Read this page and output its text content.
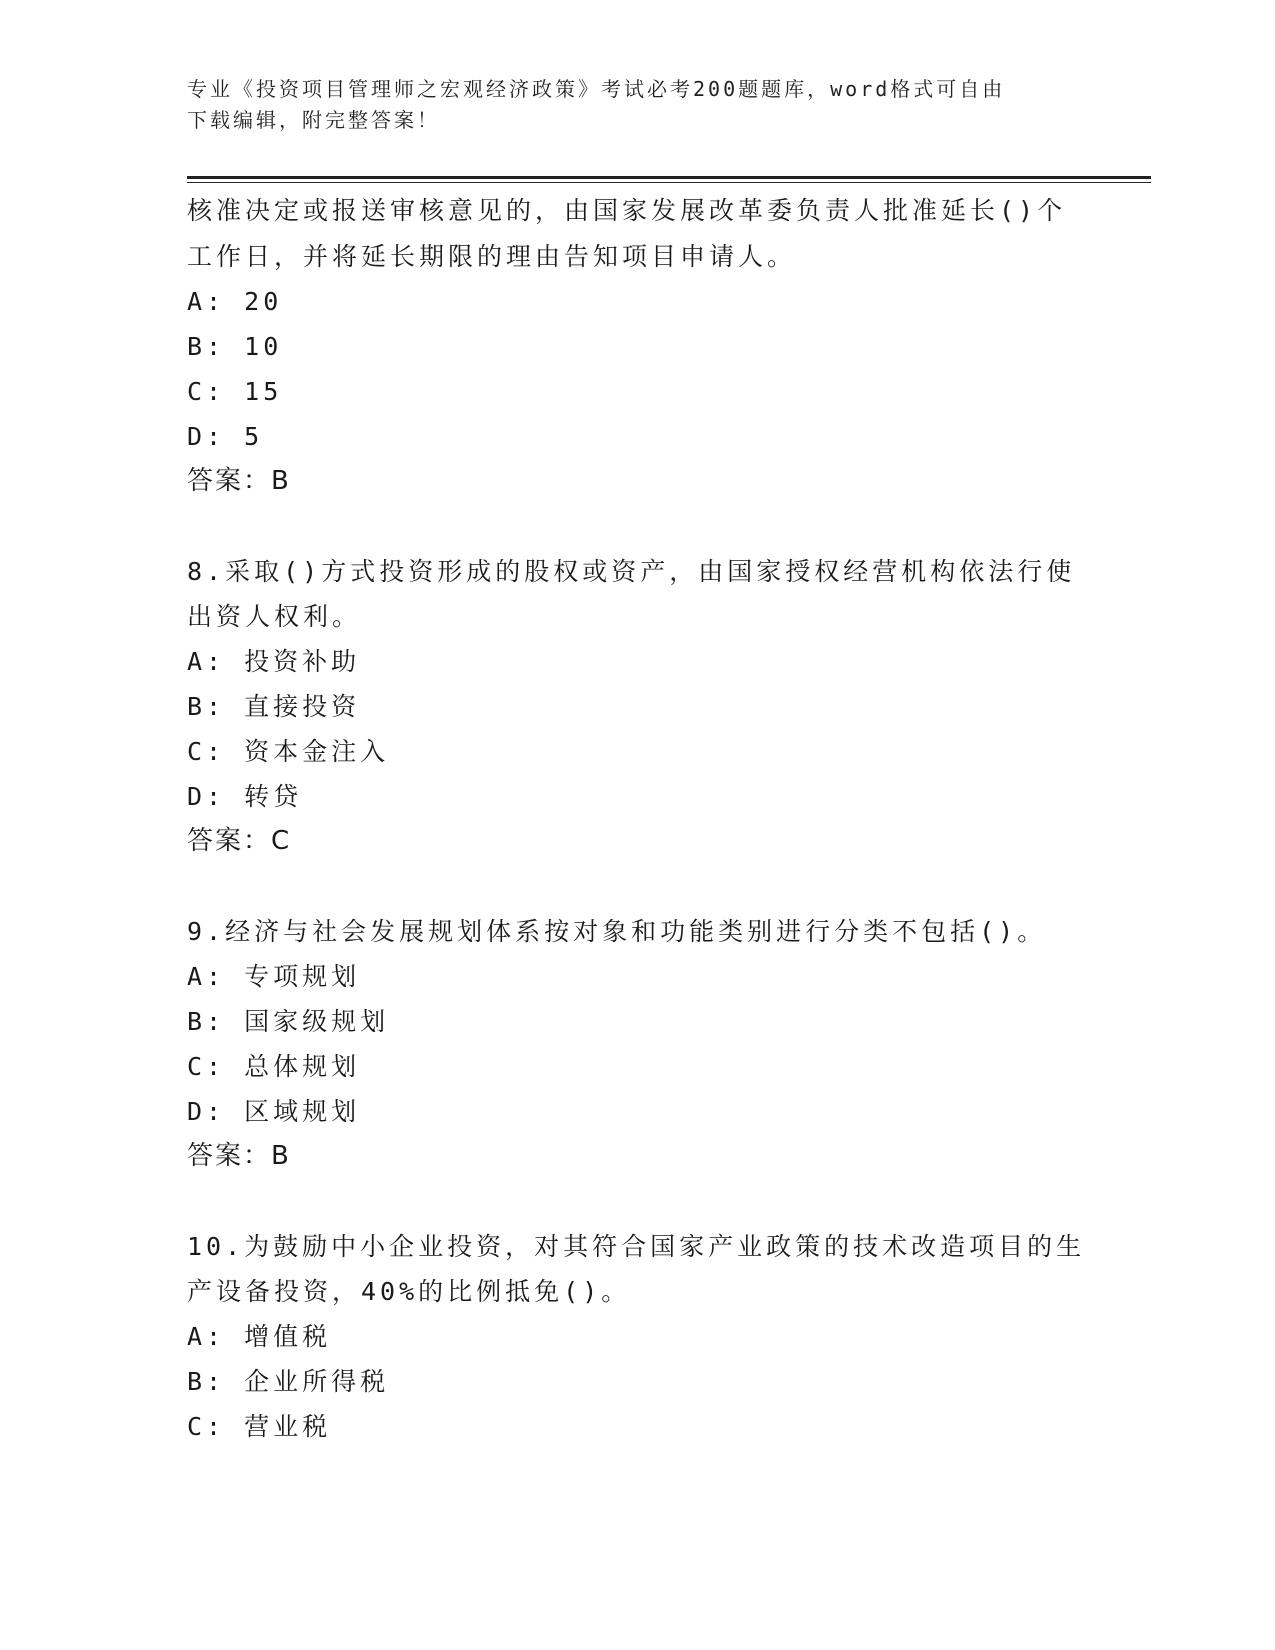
专业《投资项目管理师之宏观经济政策》考试必考200题题库，word格式可自由
下载编辑，附完整答案！
核准决定或报送审核意见的，由国家发展改革委负责人批准延长()个
工作日，并将延长期限的理由告知项目申请人。
A: 20
B: 10
C: 15
D: 5
答案：B
8.采取()方式投资形成的股权或资产，由国家授权经营机构依法行使
出资人权利。
A: 投资补助
B: 直接投资
C: 资本金注入
D: 转贷
答案：C
9.经济与社会发展规划体系按对象和功能类别进行分类不包括()。
A: 专项规划
B: 国家级规划
C: 总体规划
D: 区域规划
答案：B
10.为鼓励中小企业投资，对其符合国家产业政策的技术改造项目的生
产设备投资，40%的比例抵免()。
A: 增值税
B: 企业所得税
C: 营业税
